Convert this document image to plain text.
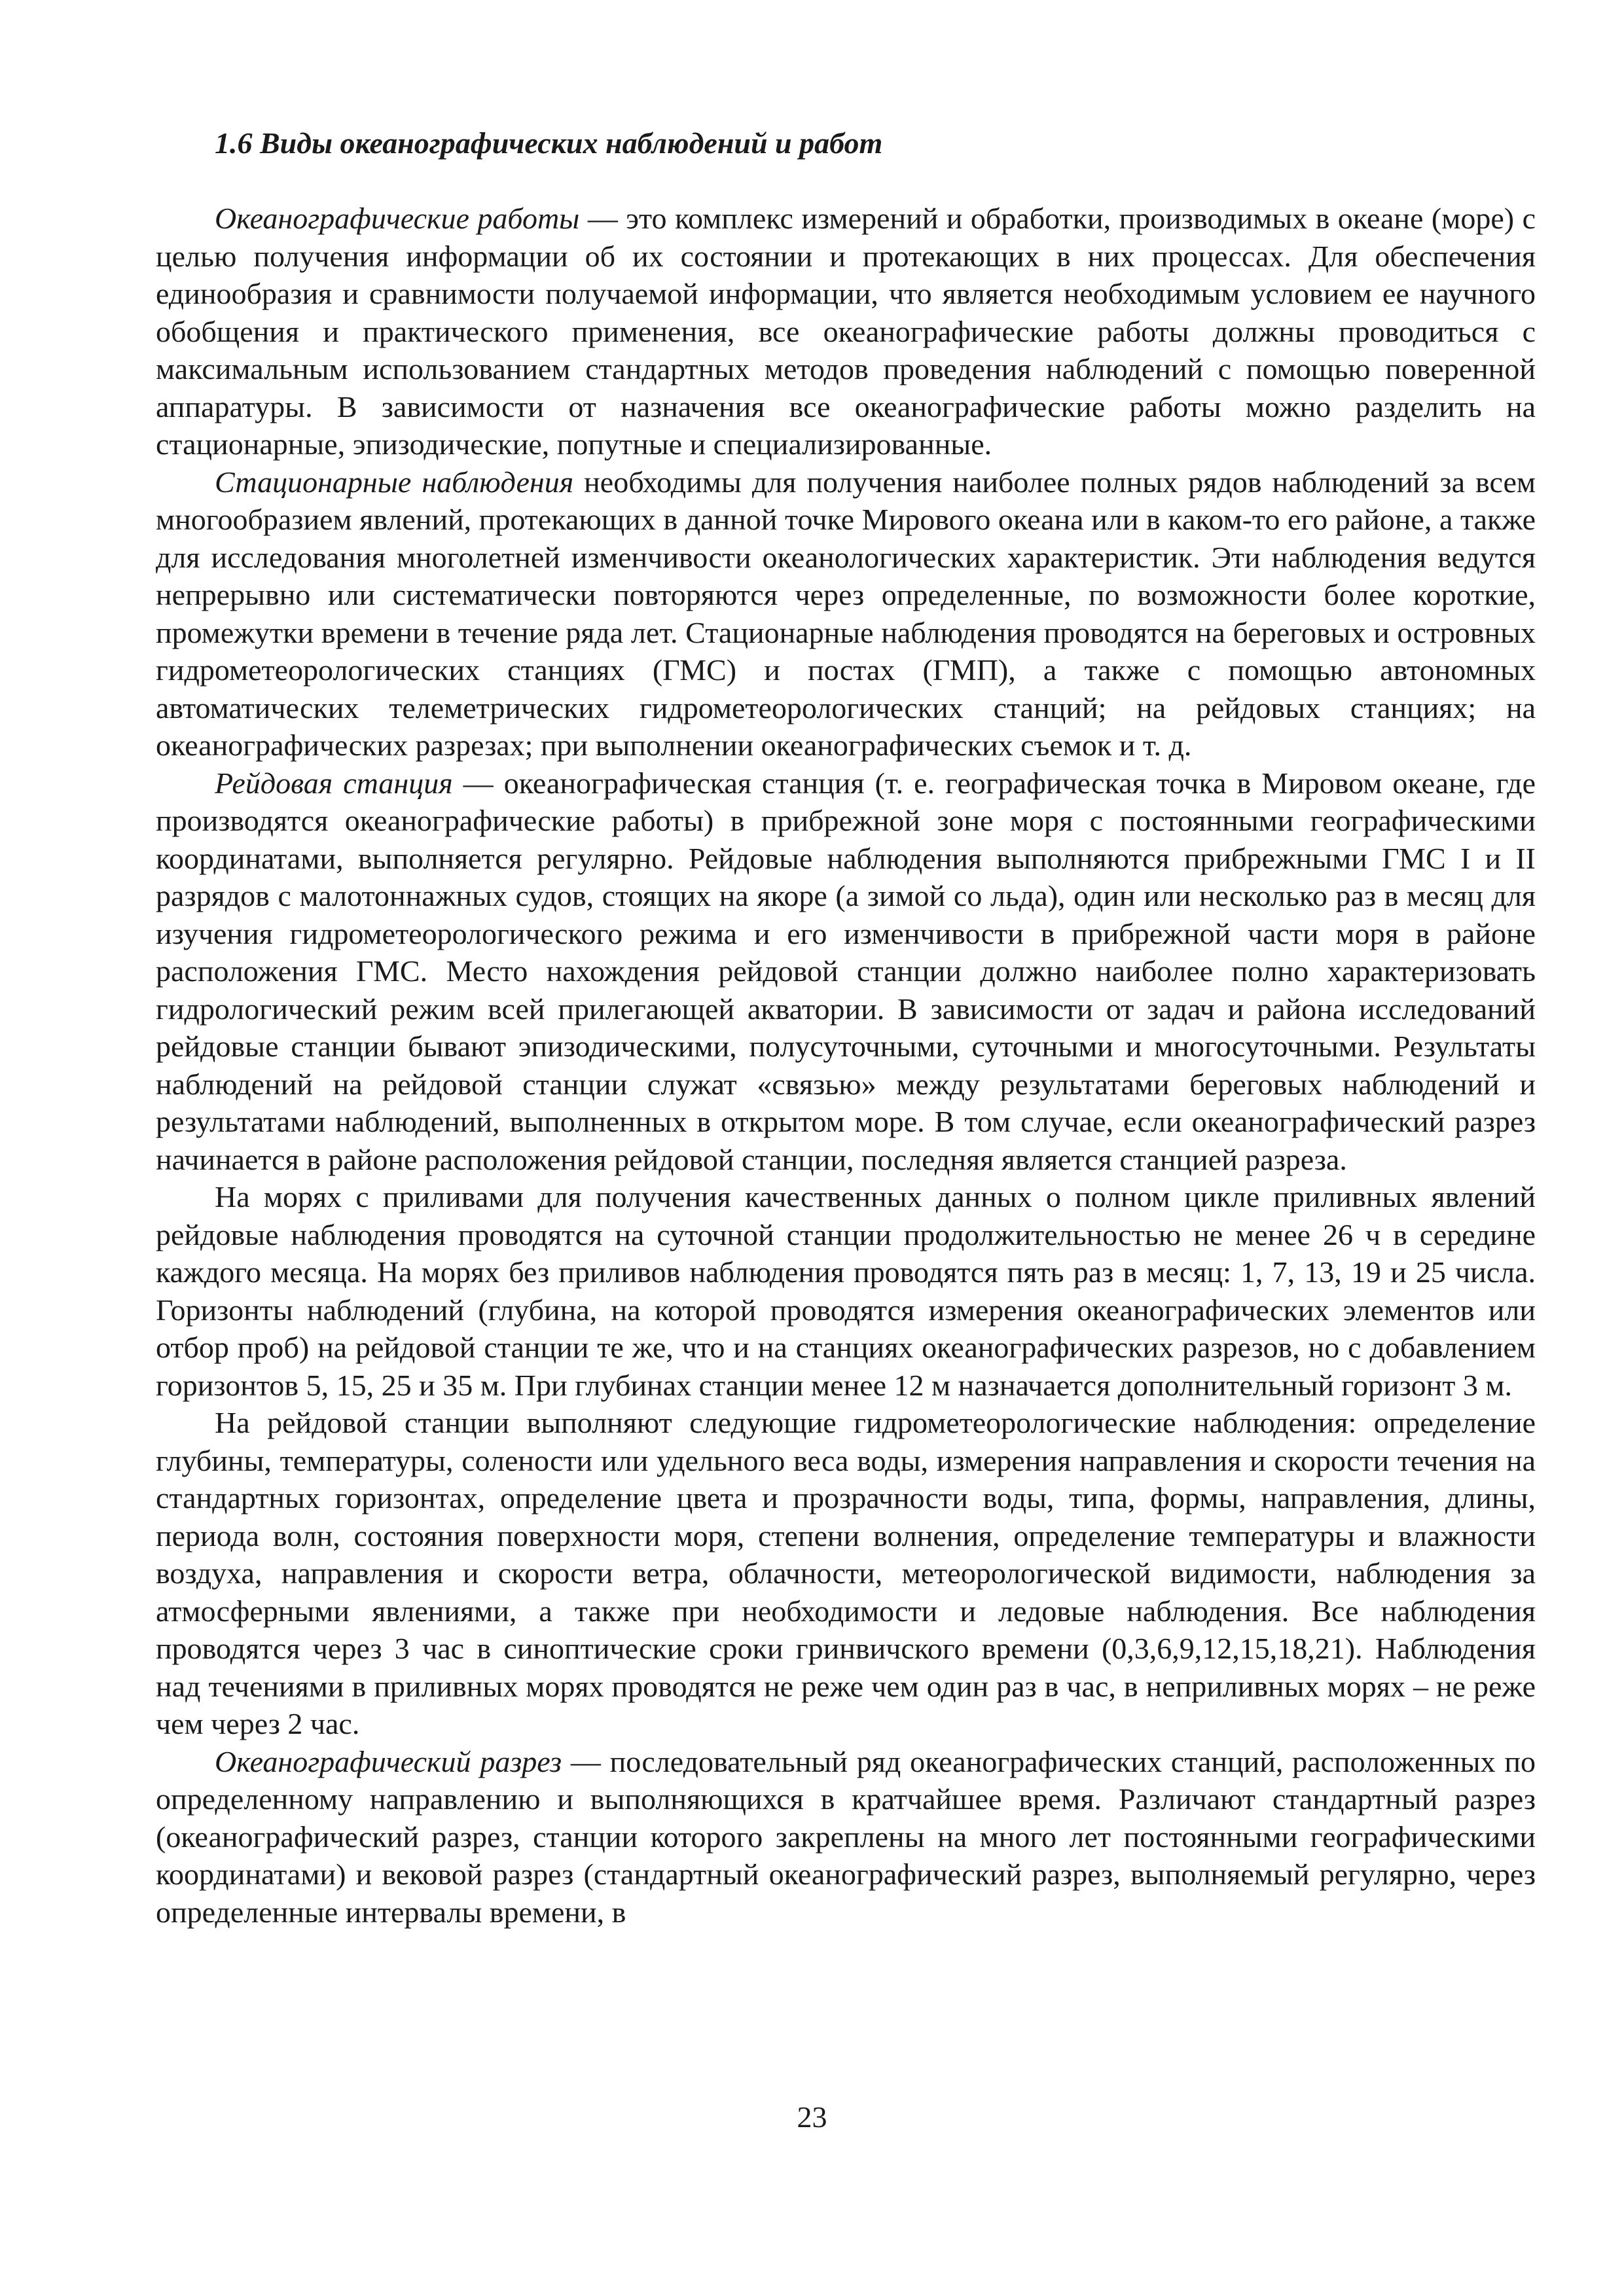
1.6 Виды океанографических наблюдений и работ

Океанографические работы — это комплекс измерений и обработки, производимых в океане (море) с целью получения информации об их состоянии и протекающих в них процессах. Для обеспечения единообразия и сравнимости получаемой информации, что является необходимым условием ее научного обобщения и практического применения, все океанографические работы должны проводиться с максимальным использованием стандартных методов проведения наблюдений с помощью поверенной аппаратуры. В зависимости от назначения все океанографические работы можно разделить на стационарные, эпизодические, попутные и специализированные.

Стационарные наблюдения необходимы для получения наиболее полных рядов наблюдений за всем многообразием явлений, протекающих в данной точке Мирового океана или в каком-то его районе, а также для исследования многолетней изменчивости океанологических характеристик. Эти наблюдения ведутся непрерывно или систематически повторяются через определенные, по возможности более короткие, промежутки времени в течение ряда лет. Стационарные наблюдения проводятся на береговых и островных гидрометеорологических станциях (ГМС) и постах (ГМП), а также с помощью автономных автоматических телеметрических гидрометеорологических станций; на рейдовых станциях; на океанографических разрезах; при выполнении океанографических съемок и т. д.

Рейдовая станция — океанографическая станция (т. е. географическая точка в Мировом океане, где производятся океанографические работы) в прибрежной зоне моря с постоянными географическими координатами, выполняется регулярно. Рейдовые наблюдения выполняются прибрежными ГМС I и II разрядов с малотоннажных судов, стоящих на якоре (а зимой со льда), один или несколько раз в месяц для изучения гидрометеорологического режима и его изменчивости в прибрежной части моря в районе расположения ГМС. Место нахождения рейдовой станции должно наиболее полно характеризовать гидрологический режим всей прилегающей акватории. В зависимости от задач и района исследований рейдовые станции бывают эпизодическими, полусуточными, суточными и многосуточными. Результаты наблюдений на рейдовой станции служат «связью» между результатами береговых наблюдений и результатами наблюдений, выполненных в открытом море. В том случае, если океанографический разрез начинается в районе расположения рейдовой станции, последняя является станцией разреза.

На морях с приливами для получения качественных данных о полном цикле приливных явлений рейдовые наблюдения проводятся на суточной станции продолжительностью не менее 26 ч в середине каждого месяца. На морях без приливов наблюдения проводятся пять раз в месяц: 1, 7, 13, 19 и 25 числа. Горизонты наблюдений (глубина, на которой проводятся измерения океанографических элементов или отбор проб) на рейдовой станции те же, что и на станциях океанографических разрезов, но с добавлением горизонтов 5, 15, 25 и 35 м. При глубинах станции менее 12 м назначается дополнительный горизонт 3 м.

На рейдовой станции выполняют следующие гидрометеорологические наблюдения: определение глубины, температуры, солености или удельного веса воды, измерения направления и скорости течения на стандартных горизонтах, определение цвета и прозрачности воды, типа, формы, направления, длины, периода волн, состояния поверхности моря, степени волнения, определение температуры и влажности воздуха, направления и скорости ветра, облачности, метеорологической видимости, наблюдения за атмосферными явлениями, а также при необходимости и ледовые наблюдения. Все наблюдения проводятся через 3 час в синоптические сроки гринвичского времени (0,3,6,9,12,15,18,21). Наблюдения над течениями в приливных морях проводятся не реже чем один раз в час, в неприливных морях – не реже чем через 2 час.

Океанографический разрез — последовательный ряд океанографических станций, расположенных по определенному направлению и выполняющихся в кратчайшее время. Различают стандартный разрез (океанографический разрез, станции которого закреплены на много лет постоянными географическими координатами) и вековой разрез (стандартный океанографический разрез, выполняемый регулярно, через определенные интервалы времени, в

23
